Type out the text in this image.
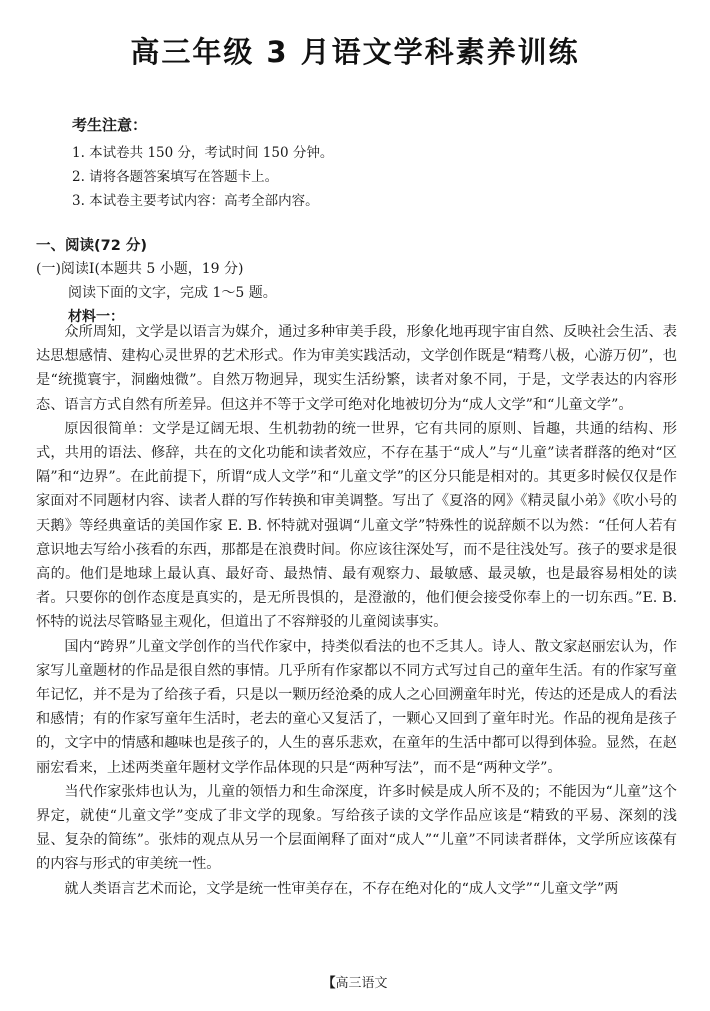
高三年级 3 月语文学科素养训练
考生注意：
1. 本试卷共 150 分，考试时间 150 分钟。
2. 请将各题答案填写在答题卡上。
3. 本试卷主要考试内容：高考全部内容。
一、阅读(72 分)
(一)阅读Ⅰ(本题共 5 小题，19 分)
阅读下面的文字，完成 1～5 题。
材料一：

众所周知，文学是以语言为媒介，通过多种审美手段，形象化地再现宇宙自然、反映社会生活、表达思想感情、建构心灵世界的艺术形式。作为审美实践活动，文学创作既是“精骛八极，心游万仞”，也是“统揽寰宇，洞幽烛微”。自然万物迥异，现实生活纷繁，读者对象不同，于是，文学表达的内容形态、语言方式自然有所差异。但这并不等于文学可绝对化地被切分为“成人文学”和“儿童文学”。

原因很简单：文学是辽阔无垠、生机勃勃的统一世界，它有共同的原则、旨趣，共通的结构、形式，共用的语法、修辞，共在的文化功能和读者效应，不存在基于“成人”与“儿童”读者群落的绝对“区隔”和“边界”。在此前提下，所谓“成人文学”和“儿童文学”的区分只能是相对的。其更多时候仅仅是作家面对不同题材内容、读者人群的写作转换和审美调整。写出了《夏洛的网》《精灵鼠小弟》《吹小号的天鹅》等经典童话的美国作家 E. B. 怀特就对强调“儿童文学”特殊性的说辞颇不以为然：“任何人若有意识地去写给小孩看的东西，那都是在浪费时间。你应该往深处写，而不是往浅处写。孩子的要求是很高的。他们是地球上最认真、最好奇、最热情、最有观察力、最敏感、最灵敏，也是最容易相处的读者。只要你的创作态度是真实的，是无所畏惧的，是澄澈的，他们便会接受你奉上的一切东西。”E. B. 怀特的说法尽管略显主观化，但道出了不容辩驳的儿童阅读事实。

国内“跨界”儿童文学创作的当代作家中，持类似看法的也不乏其人。诗人、散文家赵丽宏认为，作家写儿童题材的作品是很自然的事情。几乎所有作家都以不同方式写过自己的童年生活。有的作家写童年记忆，并不是为了给孩子看，只是以一颗历经沧桑的成人之心回溯童年时光，传达的还是成人的看法和感情；有的作家写童年生活时，老去的童心又复活了，一颗心又回到了童年时光。作品的视角是孩子的，文字中的情感和趣味也是孩子的，人生的喜乐悲欢，在童年的生活中都可以得到体验。显然，在赵丽宏看来，上述两类童年题材文学作品体现的只是“两种写法”，而不是“两种文学”。

当代作家张炜也认为，儿童的领悟力和生命深度，许多时候是成人所不及的；不能因为“儿童”这个界定，就使“儿童文学”变成了非文学的现象。写给孩子读的文学作品应该是“精致的平易、深刻的浅显、复杂的简练”。张炜的观点从另一个层面阐释了面对“成人”“儿童”不同读者群体，文学所应该葆有的内容与形式的审美统一性。

就人类语言艺术而论，文学是统一性审美存在，不存在绝对化的“成人文学”“儿童文学”两

【高三语文
